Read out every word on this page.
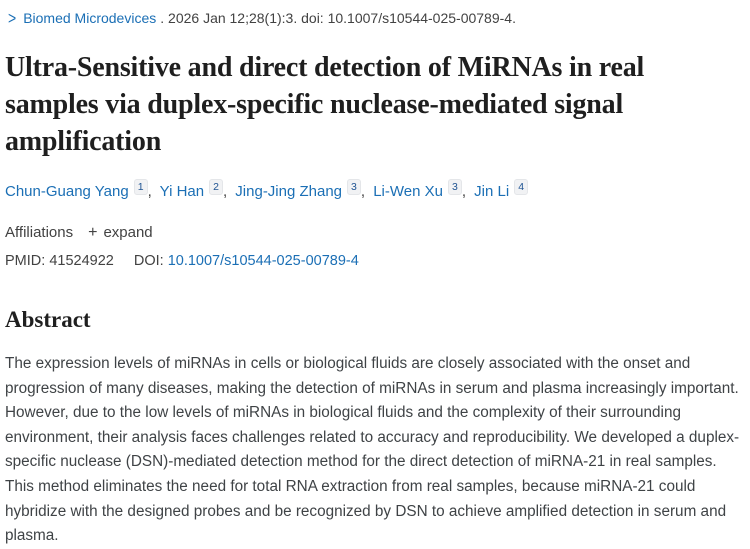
> Biomed Microdevices . 2026 Jan 12;28(1):3. doi: 10.1007/s10544-025-00789-4.
Ultra-Sensitive and direct detection of MiRNAs in real samples via duplex-specific nuclease-mediated signal amplification
Chun-Guang Yang $^1$ , Yi Han $^2$ , Jing-Jing Zhang $^3$ , Li-Wen Xu $^3$ , Jin Li $^4$
Affiliations + expand
PMID: 41524922 DOI: 10.1007/s10544-025-00789-4
Abstract

The expression levels of miRNAs in cells or biological fluids are closely associated with the onset and progression of many diseases, making the detection of miRNAs in serum and plasma increasingly important. However, due to the low levels of miRNAs in biological fluids and the complexity of their surrounding environment, their analysis faces challenges related to accuracy and reproducibility. We developed a duplex-specific nuclease (DSN)-mediated detection method for the direct detection of miRNA-21 in real samples. This method eliminates the need for total RNA extraction from real samples, because miRNA-21 could hybridize with the designed probes and be recognized by DSN to achieve amplified detection in serum and plasma.
